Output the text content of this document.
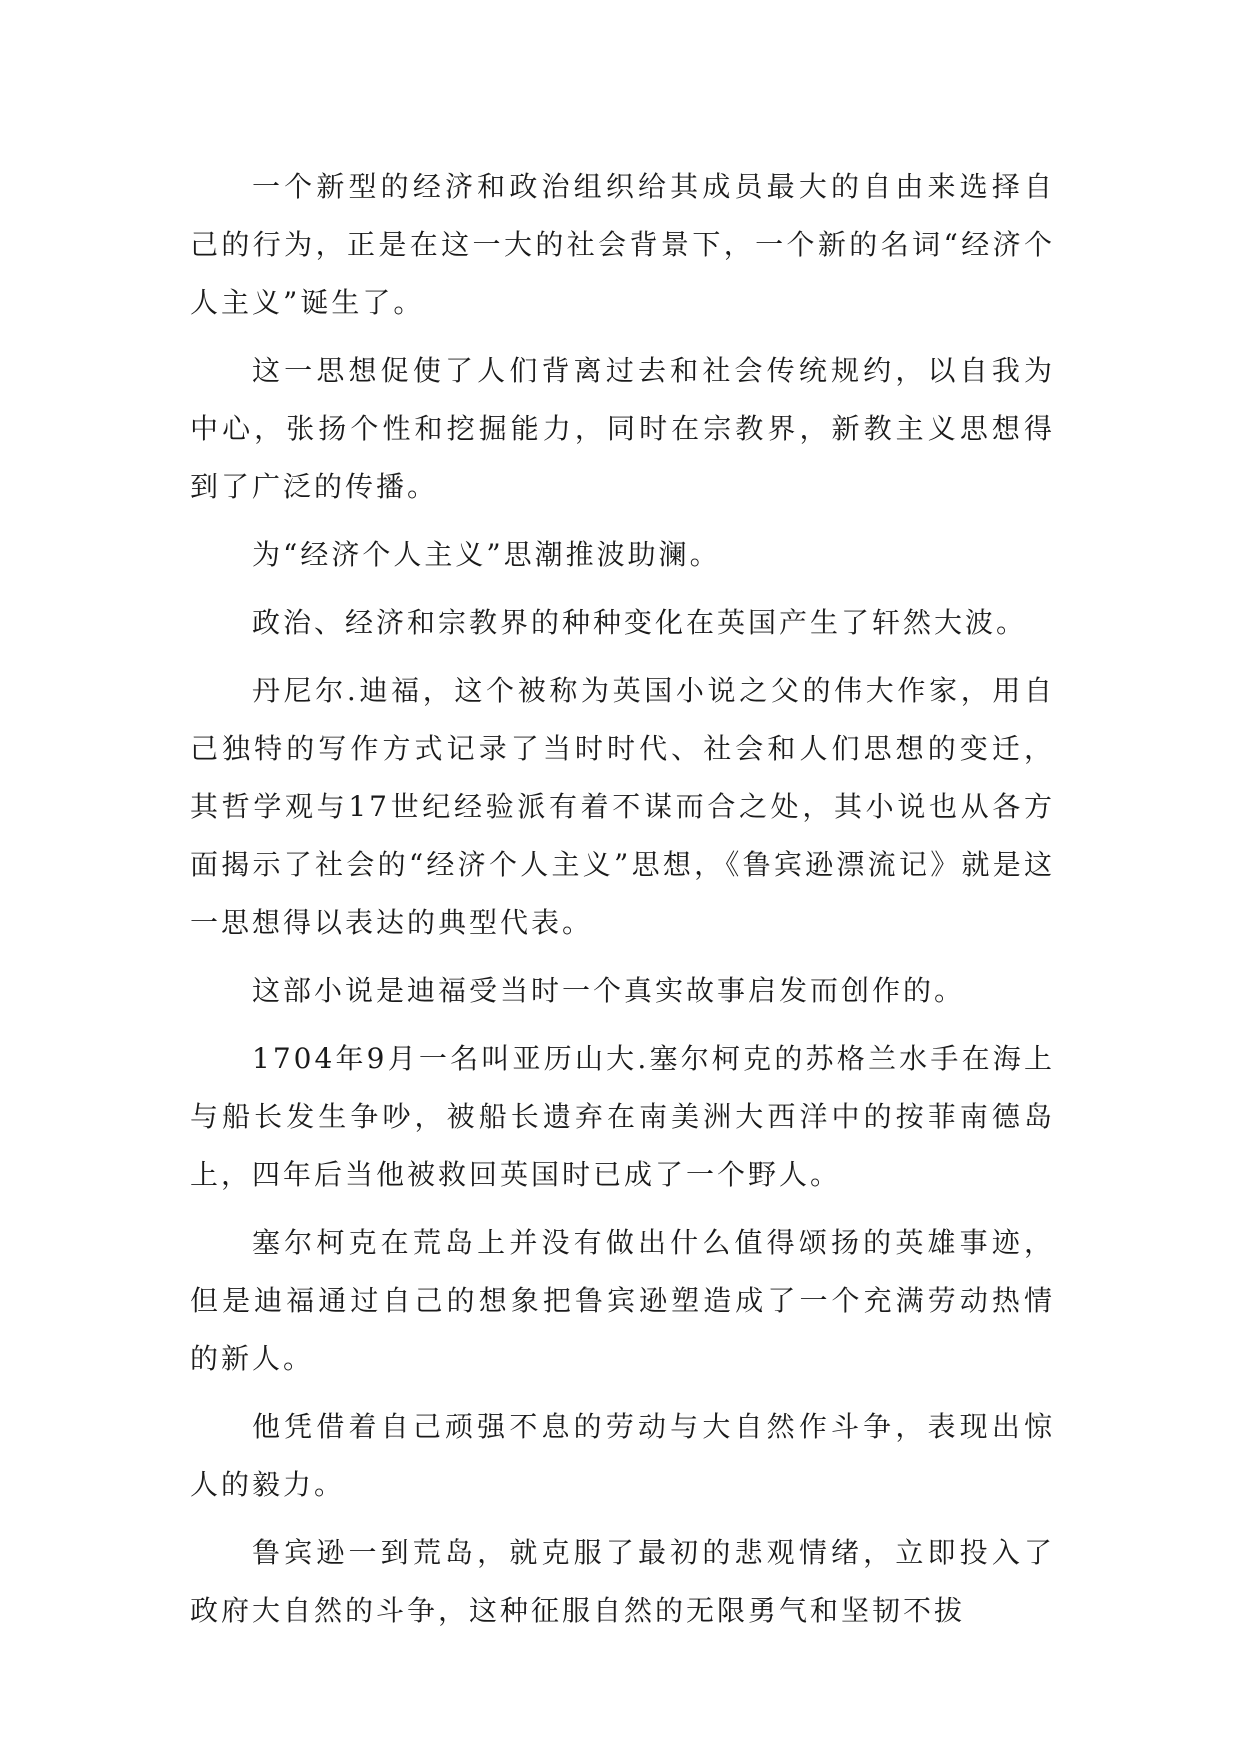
一个新型的经济和政治组织给其成员最大的自由来选择自己的行为，正是在这一大的社会背景下，一个新的名词“经济个人主义”诞生了。

这一思想促使了人们背离过去和社会传统规约，以自我为中心，张扬个性和挖掘能力，同时在宗教界，新教主义思想得到了广泛的传播。

为“经济个人主义”思潮推波助澜。

政治、经济和宗教界的种种变化在英国产生了轩然大波。

丹尼尔.迪福，这个被称为英国小说之父的伟大作家，用自己独特的写作方式记录了当时时代、社会和人们思想的变迁，其哲学观与17世纪经验派有着不谋而合之处，其小说也从各方面揭示了社会的“经济个人主义”思想，《鲁宾逊漂流记》就是这一思想得以表达的典型代表。

这部小说是迪福受当时一个真实故事启发而创作的。

1704年9月一名叫亚历山大.塞尔柯克的苏格兰水手在海上与船长发生争吵，被船长遗弃在南美洲大西洋中的按菲南德岛上，四年后当他被救回英国时已成了一个野人。

塞尔柯克在荒岛上并没有做出什么值得颂扬的英雄事迹，但是迪福通过自己的想象把鲁宾逊塑造成了一个充满劳动热情的新人。

他凭借着自己顽强不息的劳动与大自然作斗争，表现出惊人的毅力。

鲁宾逊一到荒岛，就克服了最初的悲观情绪，立即投入了政府大自然的斗争，这种征服自然的无限勇气和坚韧不拔
